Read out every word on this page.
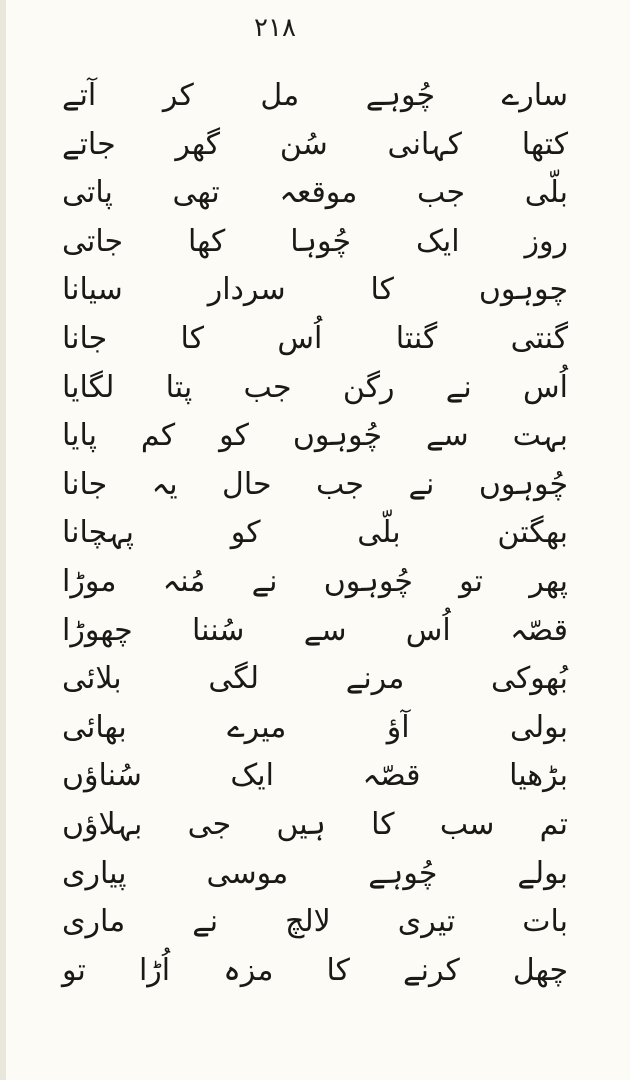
۲۱۸
سارے چُوہے مل کر آتے
کتھا کہانی سُن گھر جاتے
بلّی جب موقعہ تھی پاتی
روز ایک چُوہا کھا جاتی
چوہوں کا سردار سیانا
گنتی گنتا اُس کا جانا
اُس نے رگن جب پتا لگایا
بہت سے چُوہوں کو کم پایا
چُوہوں نے جب حال یہ جانا
بھگتن بلّی کو پہچانا
پھر تو چُوہوں نے مُنہ موڑا
قصّہ اُس سے سُننا چھوڑا
بُھوکی مرنے لگی بلائی
بولی آؤ میرے بھائی
بڑھیا قصّہ ایک سُناؤں
تم سب کا ہیں جی بہلاؤں
بولے چُوہے موسی پیاری
بات تیری لالچ نے ماری
چھل کرنے کا مزہ اُڑا تو
